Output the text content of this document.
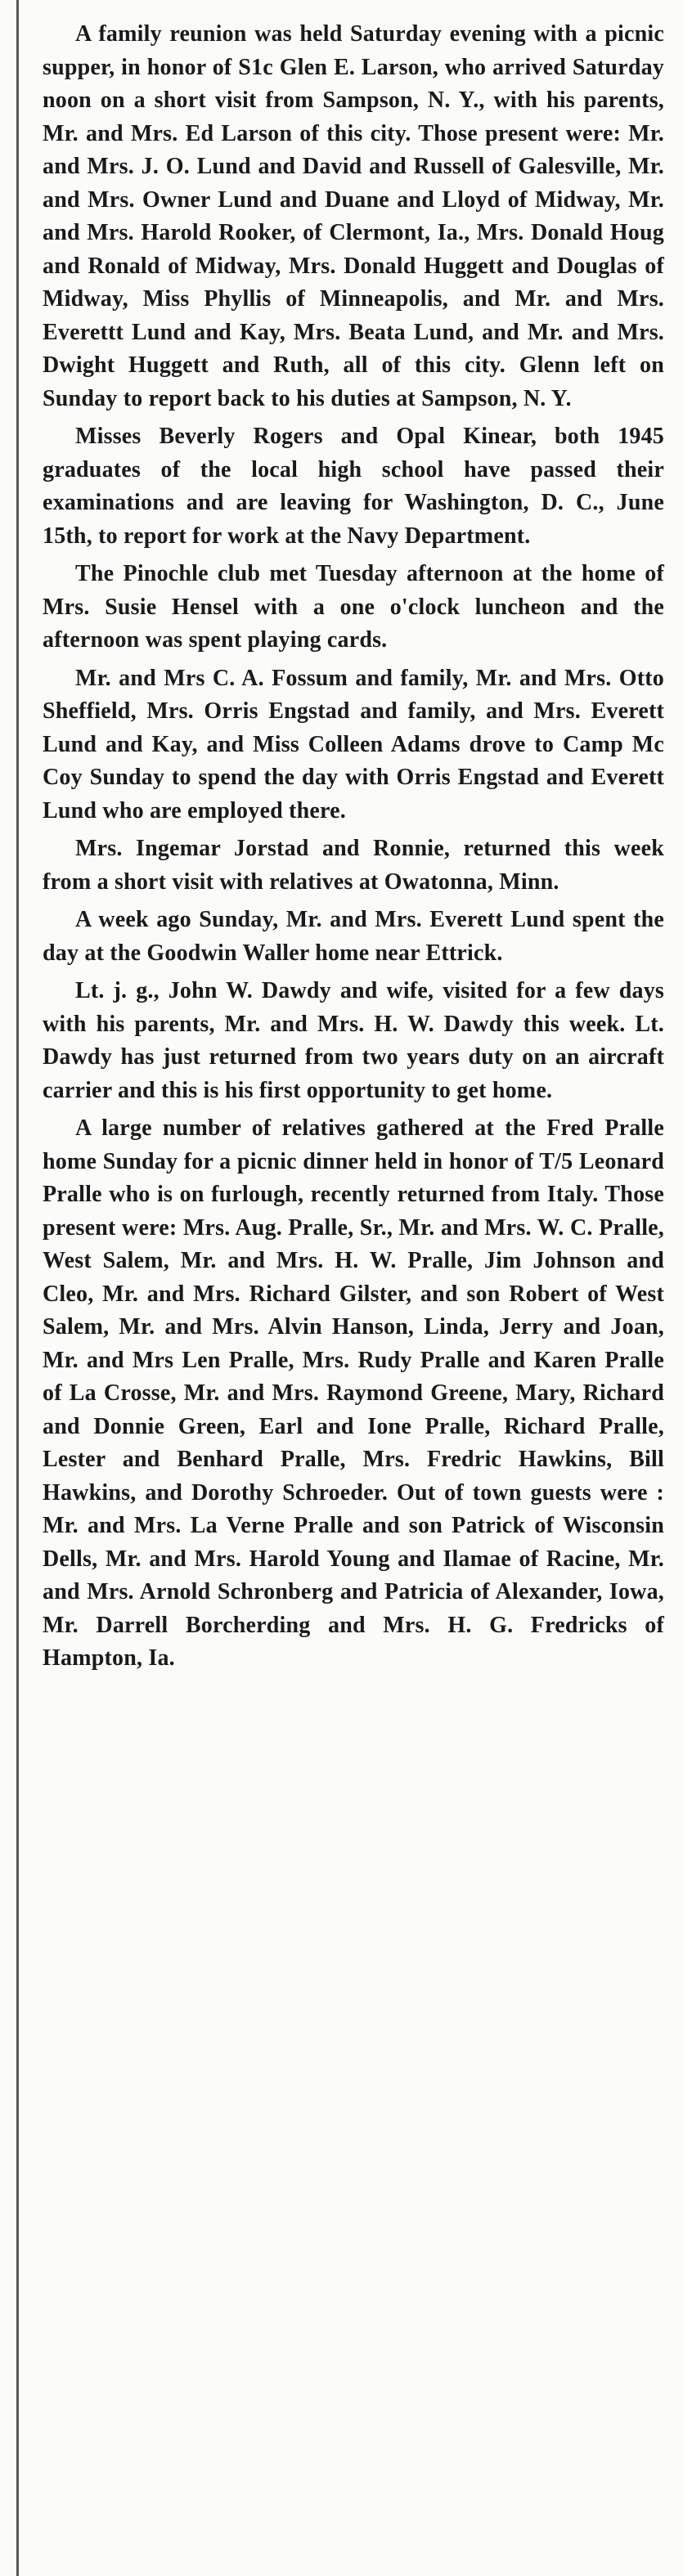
A family reunion was held Saturday evening with a picnic supper, in honor of S1c Glen E. Larson, who arrived Saturday noon on a short visit from Sampson, N. Y., with his parents, Mr. and Mrs. Ed Larson of this city. Those present were: Mr. and Mrs. J. O. Lund and David and Russell of Galesville, Mr. and Mrs. Owner Lund and Duane and Lloyd of Midway, Mr. and Mrs. Harold Rooker, of Clermont, Ia., Mrs. Donald Houg and Ronald of Midway, Mrs. Donald Huggett and Douglas of Midway, Miss Phyllis of Minneapolis, and Mr. and Mrs. Everettt Lund and Kay, Mrs. Beata Lund, and Mr. and Mrs. Dwight Huggett and Ruth, all of this city. Glenn left on Sunday to report back to his duties at Sampson, N. Y.

Misses Beverly Rogers and Opal Kinear, both 1945 graduates of the local high school have passed their examinations and are leaving for Washington, D. C., June 15th, to report for work at the Navy Department.

The Pinochle club met Tuesday afternoon at the home of Mrs. Susie Hensel with a one o'clock luncheon and the afternoon was spent playing cards.

Mr. and Mrs C. A. Fossum and family, Mr. and Mrs. Otto Sheffield, Mrs. Orris Engstad and family, and Mrs. Everett Lund and Kay, and Miss Colleen Adams drove to Camp Mc Coy Sunday to spend the day with Orris Engstad and Everett Lund who are employed there.

Mrs. Ingemar Jorstad and Ronnie, returned this week from a short visit with relatives at Owatonna, Minn.

A week ago Sunday, Mr. and Mrs. Everett Lund spent the day at the Goodwin Waller home near Ettrick.

Lt. j. g., John W. Dawdy and wife, visited for a few days with his parents, Mr. and Mrs. H. W. Dawdy this week. Lt. Dawdy has just returned from two years duty on an aircraft carrier and this is his first opportunity to get home.

A large number of relatives gathered at the Fred Pralle home Sunday for a picnic dinner held in honor of T/5 Leonard Pralle who is on furlough, recently returned from Italy. Those present were: Mrs. Aug. Pralle, Sr., Mr. and Mrs. W. C. Pralle, West Salem, Mr. and Mrs. H. W. Pralle, Jim Johnson and Cleo, Mr. and Mrs. Richard Gilster, and son Robert of West Salem, Mr. and Mrs. Alvin Hanson, Linda, Jerry and Joan, Mr. and Mrs Len Pralle, Mrs. Rudy Pralle and Karen Pralle of La Crosse, Mr. and Mrs. Raymond Greene, Mary, Richard and Donnie Green, Earl and Ione Pralle, Richard Pralle, Lester and Benhard Pralle, Mrs. Fredric Hawkins, Bill Hawkins, and Dorothy Schroeder. Out of town guests were : Mr. and Mrs. La Verne Pralle and son Patrick of Wisconsin Dells, Mr. and Mrs. Harold Young and Ilamae of Racine, Mr. and Mrs. Arnold Schronberg and Patricia of Alexander, Iowa, Mr. Darrell Borcherding and Mrs. H. G. Fredricks of Hampton, Ia.
